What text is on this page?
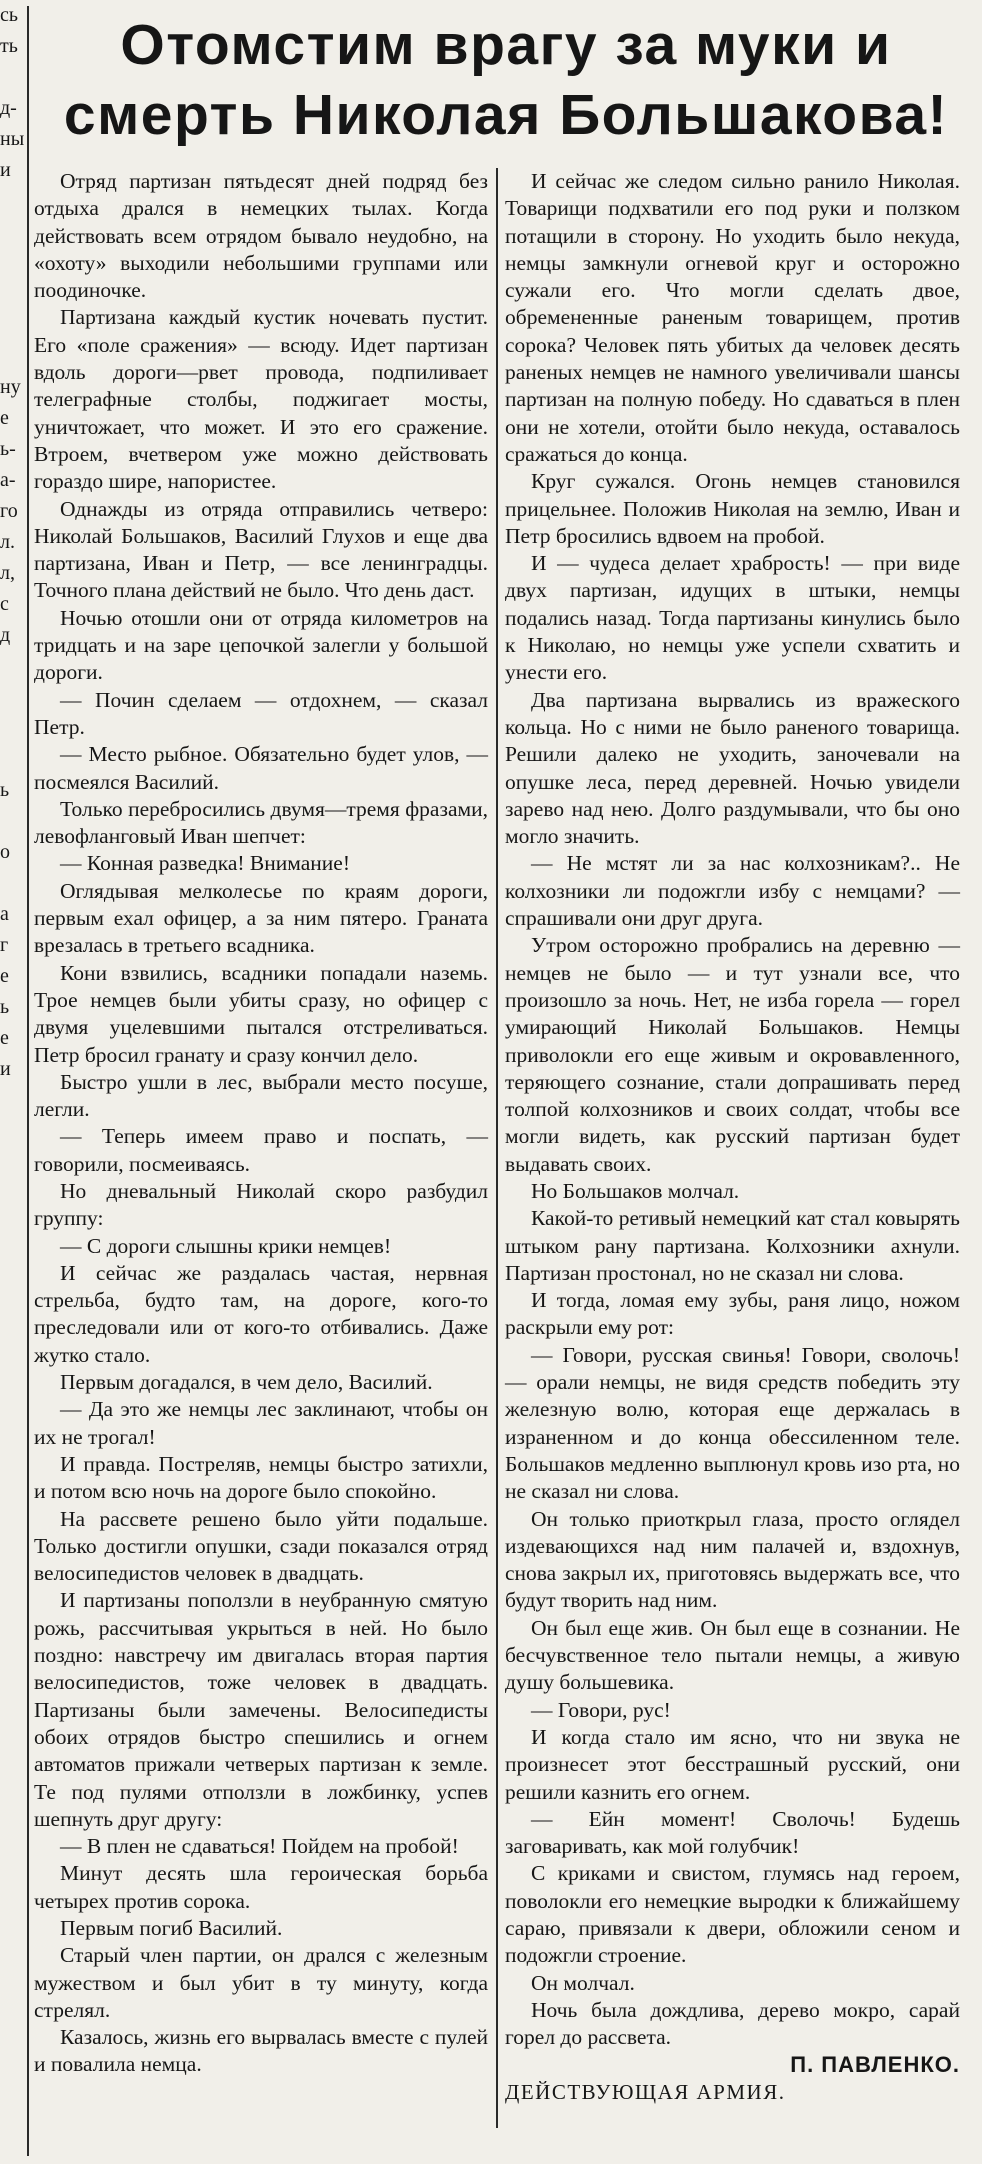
cь
ть
д-
ны
и
ну
е
ь-
а-
го
л.
л,
с
д
ь
о
а
г
е
ь
е
и
Отомстим врагу за муки и
смерть Николая Большакова!

Отряд партизан пятьдесят дней подряд без отдыха дрался в немецких тылах. Когда действовать всем отрядом бывало неудобно, на «охоту» выходили небольшими группами или поодиночке.

Партизана каждый кустик ночевать пустит. Его «поле сражения» — всюду. Идет партизан вдоль дороги—рвет провода, подпиливает телеграфные столбы, поджигает мосты, уничтожает, что может. И это его сражение. Втроем, вчетвером уже можно действовать гораздо шире, напористее.

Однажды из отряда отправились четверо: Николай Большаков, Василий Глухов и еще два партизана, Иван и Петр, — все ленинградцы. Точного плана действий не было. Что день даст.

Ночью отошли они от отряда километров на тридцать и на заре цепочкой залегли у большой дороги.

— Почин сделаем — отдохнем, — сказал Петр.

— Место рыбное. Обязательно будет улов, — посмеялся Василий.

Только перебросились двумя—тремя фразами, левофланговый Иван шепчет:

— Конная разведка! Внимание!

Оглядывая мелколесье по краям дороги, первым ехал офицер, а за ним пятеро. Граната врезалась в третьего всадника.

Кони взвились, всадники попадали наземь. Трое немцев были убиты сразу, но офицер с двумя уцелевшими пытался отстреливаться. Петр бросил гранату и сразу кончил дело.

Быстро ушли в лес, выбрали место посуше, легли.

— Теперь имеем право и поспать, — говорили, посмеиваясь.

Но дневальный Николай скоро разбудил группу:

— С дороги слышны крики немцев!

И сейчас же раздалась частая, нервная стрельба, будто там, на дороге, кого-то преследовали или от кого-то отбивались. Даже жутко стало.

Первым догадался, в чем дело, Василий.

— Да это же немцы лес заклинают, чтобы он их не трогал!

И правда. Постреляв, немцы быстро затихли, и потом всю ночь на дороге было спокойно.

На рассвете решено было уйти подальше. Только достигли опушки, сзади показался отряд велосипедистов человек в двадцать.

И партизаны поползли в неубранную смятую рожь, рассчитывая укрыться в ней. Но было поздно: навстречу им двигалась вторая партия велосипедистов, тоже человек в двадцать. Партизаны были замечены. Велосипедисты обоих отрядов быстро спешились и огнем автоматов прижали четверых партизан к земле. Те под пулями отползли в ложбинку, успев шепнуть друг другу:

— В плен не сдаваться! Пойдем на пробой!

Минут десять шла героическая борьба четырех против сорока.

Первым погиб Василий.

Старый член партии, он дрался с железным мужеством и был убит в ту минуту, когда стрелял.

Казалось, жизнь его вырвалась вместе с пулей и повалила немца.

И сейчас же следом сильно ранило Николая. Товарищи подхватили его под руки и ползком потащили в сторону. Но уходить было некуда, немцы замкнули огневой круг и осторожно сужали его. Что могли сделать двое, обремененные раненым товарищем, против сорока? Человек пять убитых да человек десять раненых немцев не намного увеличивали шансы партизан на полную победу. Но сдаваться в плен они не хотели, отойти было некуда, оставалось сражаться до конца.

Круг сужался. Огонь немцев становился прицельнее. Положив Николая на землю, Иван и Петр бросились вдвоем на пробой.

И — чудеса делает храбрость! — при виде двух партизан, идущих в штыки, немцы подались назад. Тогда партизаны кинулись было к Николаю, но немцы уже успели схватить и унести его.

Два партизана вырвались из вражеского кольца. Но с ними не было раненого товарища. Решили далеко не уходить, заночевали на опушке леса, перед деревней. Ночью увидели зарево над нею. Долго раздумывали, что бы оно могло значить.

— Не мстят ли за нас колхозникам?.. Не колхозники ли подожгли избу с немцами? — спрашивали они друг друга.

Утром осторожно пробрались на деревню — немцев не было — и тут узнали все, что произошло за ночь. Нет, не изба горела — горел умирающий Николай Большаков. Немцы приволокли его еще живым и окровавленного, теряющего сознание, стали допрашивать перед толпой колхозников и своих солдат, чтобы все могли видеть, как русский партизан будет выдавать своих.

Но Большаков молчал.

Какой-то ретивый немецкий кат стал ковырять штыком рану партизана. Колхозники ахнули. Партизан простонал, но не сказал ни слова.

И тогда, ломая ему зубы, раня лицо, ножом раскрыли ему рот:

— Говори, русская свинья! Говори, сволочь! — орали немцы, не видя средств победить эту железную волю, которая еще держалась в израненном и до конца обессиленном теле. Большаков медленно выплюнул кровь изо рта, но не сказал ни слова.

Он только приоткрыл глаза, просто оглядел издевающихся над ним палачей и, вздохнув, снова закрыл их, приготовясь выдержать все, что будут творить над ним.

Он был еще жив. Он был еще в сознании. Не бесчувственное тело пытали немцы, а живую душу большевика.

— Говори, рус!

И когда стало им ясно, что ни звука не произнесет этот бесстрашный русский, они решили казнить его огнем.

— Ейн момент! Сволочь! Будешь заговаривать, как мой голубчик!

С криками и свистом, глумясь над героем, поволокли его немецкие выродки к ближайшему сараю, привязали к двери, обложили сеном и подожгли строение.

Он молчал.

Ночь была дождлива, дерево мокро, сарай горел до рассвета.

П. ПАВЛЕНКО.

ДЕЙСТВУЮЩАЯ АРМИЯ.
